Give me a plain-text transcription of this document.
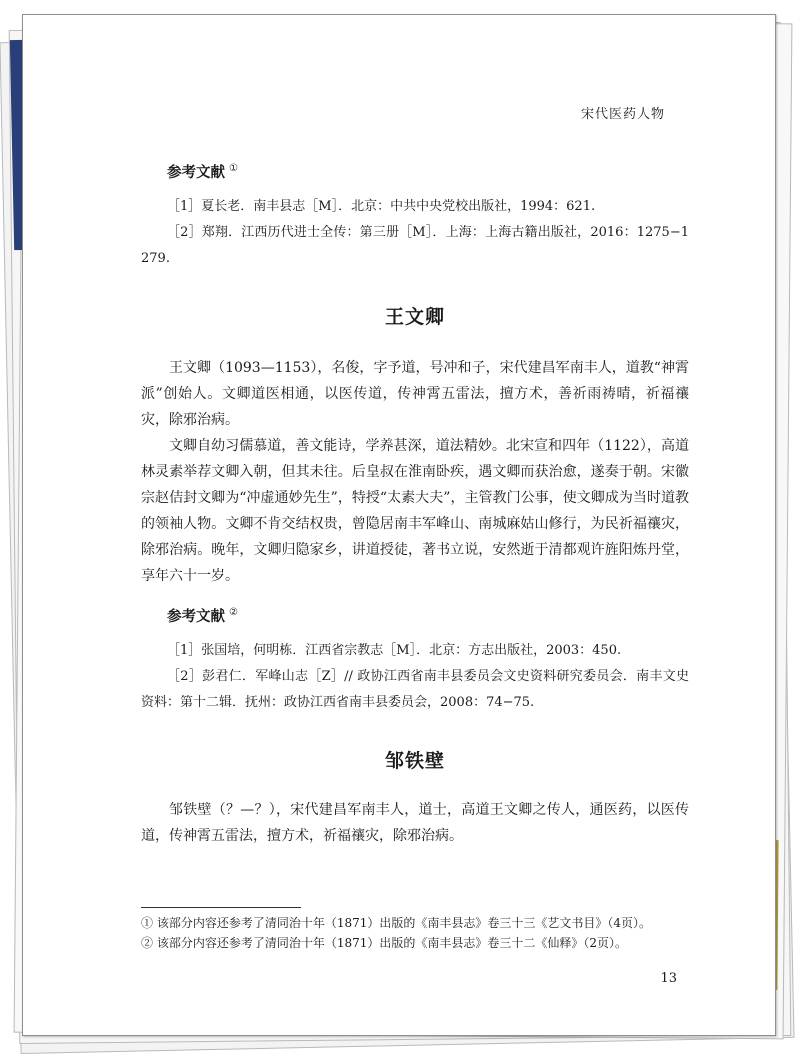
宋代医药人物
参考文献 ①

［1］夏长老．南丰县志［M］．北京：中共中央党校出版社，1994：621.

［2］郑翔．江西历代进士全传：第三册［M］．上海：上海古籍出版社，2016：1275−1279.

王文卿

王文卿（1093—1153），名俊，字予道，号冲和子，宋代建昌军南丰人，道教“神霄派”创始人。文卿道医相通，以医传道，传神霄五雷法，擅方术，善祈雨祷晴，祈福禳灾，除邪治病。

文卿自幼习儒慕道，善文能诗，学养甚深，道法精妙。北宋宣和四年（1122），高道林灵素举荐文卿入朝，但其未往。后皇叔在淮南卧疾，遇文卿而获治愈，遂奏于朝。宋徽宗赵佶封文卿为“冲虚通妙先生”，特授“太素大夫”，主管教门公事，使文卿成为当时道教的领袖人物。文卿不肯交结权贵，曾隐居南丰军峰山、南城麻姑山修行，为民祈福禳灾，除邪治病。晚年，文卿归隐家乡，讲道授徒，著书立说，安然逝于清都观许旌阳炼丹堂，享年六十一岁。

参考文献 ②

［1］张国培，何明栋．江西省宗教志［M］．北京：方志出版社，2003：450.

［2］彭君仁．军峰山志［Z］// 政协江西省南丰县委员会文史资料研究委员会．南丰文史资料：第十二辑．抚州：政协江西省南丰县委员会，2008：74−75.

邹铁壁

邹铁壁（？—？），宋代建昌军南丰人，道士，高道王文卿之传人，通医药，以医传道，传神霄五雷法，擅方术，祈福禳灾，除邪治病。

① 该部分内容还参考了清同治十年（1871）出版的《南丰县志》卷三十三《艺文书目》（4页）。

② 该部分内容还参考了清同治十年（1871）出版的《南丰县志》卷三十二《仙释》（2页）。

13
